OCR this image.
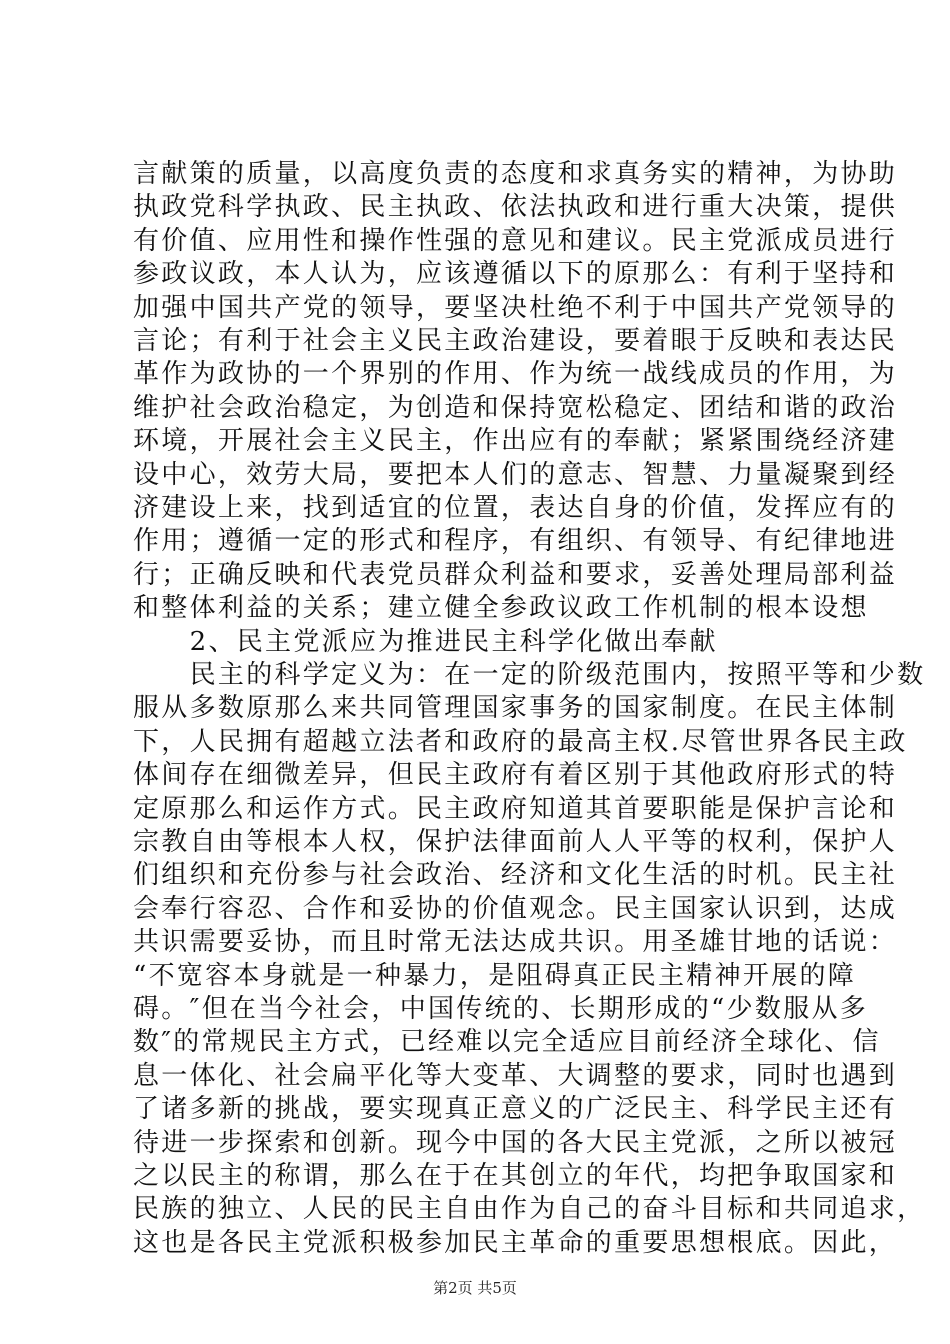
言献策的质量，以高度负责的态度和求真务实的精神，为协助
执政党科学执政、民主执政、依法执政和进行重大决策，提供
有价值、应用性和操作性强的意见和建议。民主党派成员进行
参政议政，本人认为，应该遵循以下的原那么：有利于坚持和
加强中国共产党的领导，要坚决杜绝不利于中国共产党领导的
言论；有利于社会主义民主政治建设，要着眼于反映和表达民
革作为政协的一个界别的作用、作为统一战线成员的作用，为
维护社会政治稳定，为创造和保持宽松稳定、团结和谐的政治
环境，开展社会主义民主，作出应有的奉献；紧紧围绕经济建
设中心，效劳大局，要把本人们的意志、智慧、力量凝聚到经
济建设上来，找到适宜的位置，表达自身的价值，发挥应有的
作用；遵循一定的形式和程序，有组织、有领导、有纪律地进
行；正确反映和代表党员群众利益和要求，妥善处理局部利益
和整体利益的关系；建立健全参政议政工作机制的根本设想
　　2、民主党派应为推进民主科学化做出奉献
　　民主的科学定义为：在一定的阶级范围内，按照平等和少数
服从多数原那么来共同管理国家事务的国家制度。在民主体制
下，人民拥有超越立法者和政府的最高主权.尽管世界各民主政
体间存在细微差异，但民主政府有着区别于其他政府形式的特
定原那么和运作方式。民主政府知道其首要职能是保护言论和
宗教自由等根本人权，保护法律面前人人平等的权利，保护人
们组织和充份参与社会政治、经济和文化生活的时机。民主社
会奉行容忍、合作和妥协的价值观念。民主国家认识到，达成
共识需要妥协，而且时常无法达成共识。用圣雄甘地的话说：
“不宽容本身就是一种暴力，是阻碍真正民主精神开展的障
碍。″但在当今社会，中国传统的、长期形成的“少数服从多
数″的常规民主方式，已经难以完全适应目前经济全球化、信
息一体化、社会扁平化等大变革、大调整的要求，同时也遇到
了诸多新的挑战，要实现真正意义的广泛民主、科学民主还有
待进一步探索和创新。现今中国的各大民主党派，之所以被冠
之以民主的称谓，那么在于在其创立的年代，均把争取国家和
民族的独立、人民的民主自由作为自己的奋斗目标和共同追求，
这也是各民主党派积极参加民主革命的重要思想根底。因此，
第2页 共5页
